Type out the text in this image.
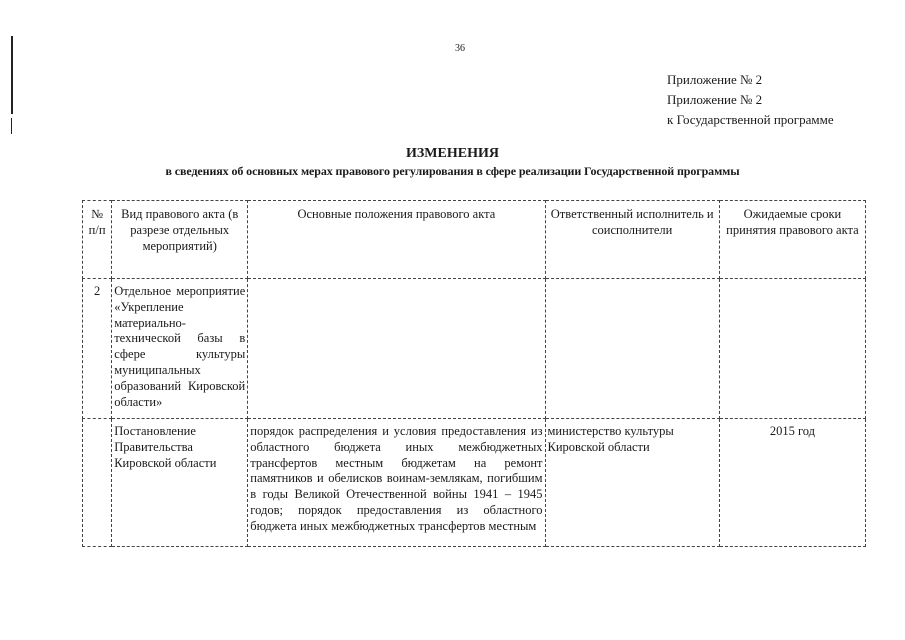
36
Приложение № 2
Приложение № 2
к Государственной программе
ИЗМЕНЕНИЯ
в сведениях об основных мерах правового регулирования в сфере реализации Государственной программы
№ п/п	Вид правового акта (в разрезе отдельных мероприятий)	Основные положения правового акта	Ответственный исполнитель и соисполнители	Ожидаемые сроки принятия правового акта
2	Отдельное мероприятие «Укрепление материально-технической базы в сфере культуры муниципальных образований Кировской области»			
	Постановление Правительства Кировской области	порядок распределения и условия предоставления из областного бюджета иных межбюджетных трансфертов местным бюджетам на ремонт памятников и обелисков воинам-землякам, погибшим в годы Великой Отечественной войны 1941 – 1945 годов; порядок предоставления из областного бюджета иных межбюджетных трансфертов местным	министерство культуры Кировской области	2015 год
